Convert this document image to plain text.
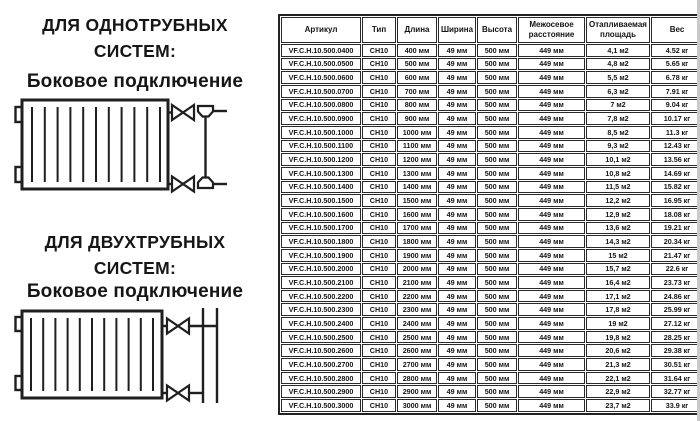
ДЛЯ ОДНОТРУБНЫХ СИСТЕМ:
Боковое подключение
ДЛЯ ДВУХТРУБНЫХ СИСТЕМ:
Боковое подключение
Артикул	Тип	Длина	Ширина	Высота	Межосевое расстояние	Отапливаемая площадь	Вес
VF.C.H.10.500.0400	CH10	400 мм	49 мм	500 мм	449 мм	4,1 м2	4.52 кг
VF.C.H.10.500.0500	CH10	500 мм	49 мм	500 мм	449 мм	4,8 м2	5.65 кг
VF.C.H.10.500.0600	CH10	600 мм	49 мм	500 мм	449 мм	5,5 м2	6.78 кг
VF.C.H.10.500.0700	CH10	700 мм	49 мм	500 мм	449 мм	6,3 м2	7.91 кг
VF.C.H.10.500.0800	CH10	800 мм	49 мм	500 мм	449 мм	7 м2	9.04 кг
VF.C.H.10.500.0900	CH10	900 мм	49 мм	500 мм	449 мм	7,8 м2	10.17 кг
VF.C.H.10.500.1000	CH10	1000 мм	49 мм	500 мм	449 мм	8,5 м2	11.3 кг
VF.C.H.10.500.1100	CH10	1100 мм	49 мм	500 мм	449 мм	9,3 м2	12.43 кг
VF.C.H.10.500.1200	CH10	1200 мм	49 мм	500 мм	449 мм	10,1 м2	13.56 кг
VF.C.H.10.500.1300	CH10	1300 мм	49 мм	500 мм	449 мм	10,8 м2	14.69 кг
VF.C.H.10.500.1400	CH10	1400 мм	49 мм	500 мм	449 мм	11,5 м2	15.82 кг
VF.C.H.10.500.1500	CH10	1500 мм	49 мм	500 мм	449 мм	12,2 м2	16.95 кг
VF.C.H.10.500.1600	CH10	1600 мм	49 мм	500 мм	449 мм	12,9 м2	18.08 кг
VF.C.H.10.500.1700	CH10	1700 мм	49 мм	500 мм	449 мм	13,6 м2	19.21 кг
VF.C.H.10.500.1800	CH10	1800 мм	49 мм	500 мм	449 мм	14,3 м2	20.34 кг
VF.C.H.10.500.1900	CH10	1900 мм	49 мм	500 мм	449 мм	15 м2	21.47 кг
VF.C.H.10.500.2000	CH10	2000 мм	49 мм	500 мм	449 мм	15,7 м2	22.6 кг
VF.C.H.10.500.2100	CH10	2100 мм	49 мм	500 мм	449 мм	16,4 м2	23.73 кг
VF.C.H.10.500.2200	CH10	2200 мм	49 мм	500 мм	449 мм	17,1 м2	24.86 кг
VF.C.H.10.500.2300	CH10	2300 мм	49 мм	500 мм	449 мм	17,8 м2	25.99 кг
VF.C.H.10.500.2400	CH10	2400 мм	49 мм	500 мм	449 мм	19 м2	27.12 кг
VF.C.H.10.500.2500	CH10	2500 мм	49 мм	500 мм	449 мм	19,8 м2	28.25 кг
VF.C.H.10.500.2600	CH10	2600 мм	49 мм	500 мм	449 мм	20,6 м2	29.38 кг
VF.C.H.10.500.2700	CH10	2700 мм	49 мм	500 мм	449 мм	21,3 м2	30.51 кг
VF.C.H.10.500.2800	CH10	2800 мм	49 мм	500 мм	449 мм	22,1 м2	31.64 кг
VF.C.H.10.500.2900	CH10	2900 мм	49 мм	500 мм	449 мм	22,9 м2	32.77 кг
VF.C.H.10.500.3000	CH10	3000 мм	49 мм	500 мм	449 мм	23,7 м2	33.9 кг
